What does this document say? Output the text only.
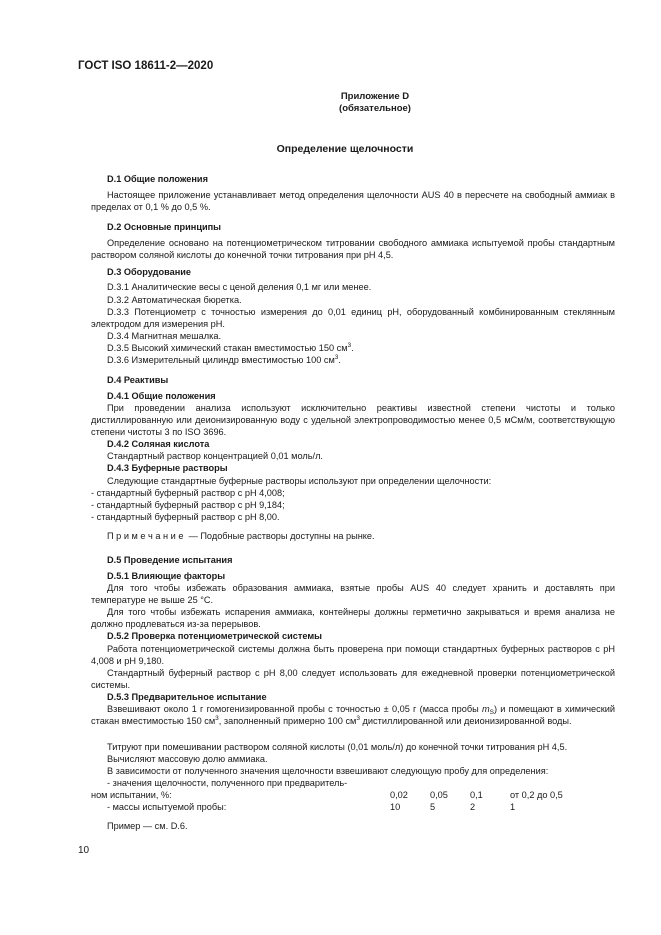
ГОСТ ISO 18611-2—2020
Приложение D
(обязательное)
Определение щелочности
D.1 Общие положения
Настоящее приложение устанавливает метод определения щелочности AUS 40 в пересчете на свободный аммиак в пределах от 0,1 % до 0,5 %.
D.2 Основные принципы
Определение основано на потенциометрическом титровании свободного аммиака испытуемой пробы стандартным раствором соляной кислоты до конечной точки титрования при pH 4,5.
D.3 Оборудование
D.3.1 Аналитические весы с ценой деления 0,1 мг или менее.
D.3.2 Автоматическая бюретка.
D.3.3 Потенциометр с точностью измерения до 0,01 единиц pH, оборудованный комбинированным стеклянным электродом для измерения pH.
D.3.4 Магнитная мешалка.
D.3.5 Высокий химический стакан вместимостью 150 $см^3$.
D.3.6 Измерительный цилиндр вместимостью 100 $см^3$.
D.4 Реактивы
D.4.1 Общие положения
При проведении анализа используют исключительно реактивы известной степени чистоты и только дистиллированную или деионизированную воду с удельной электропроводимостью менее 0,5 мСм/м, соответствующую степени чистоты 3 по ISO 3696.
D.4.2 Соляная кислота
Стандартный раствор концентрацией 0,01 моль/л.
D.4.3 Буферные растворы
Следующие стандартные буферные растворы используют при определении щелочности:
- стандартный буферный раствор с pH 4,008;
- стандартный буферный раствор с pH 9,184;
- стандартный буферный раствор с pH 8,00.
П р и м е ч а н и е — Подобные растворы доступны на рынке.
D.5 Проведение испытания
D.5.1 Влияющие факторы
Для того чтобы избежать образования аммиака, взятые пробы AUS 40 следует хранить и доставлять при температуре не выше 25 °С.
Для того чтобы избежать испарения аммиака, контейнеры должны герметично закрываться и время анализа не должно продлеваться из-за перерывов.
D.5.2 Проверка потенциометрической системы
Работа потенциометрической системы должна быть проверена при помощи стандартных буферных растворов с pH 4,008 и pH 9,180.
Стандартный буферный раствор с pH 8,00 следует использовать для ежедневной проверки потенциометрической системы.
D.5.3 Предварительное испытание
Взвешивают около 1 г гомогенизированной пробы с точностью ± 0,05 г (масса пробы $m_S$) и помещают в химический стакан вместимостью 150 $см^3$, заполненный примерно 100 $см^3$ дистиллированной или деионизированной воды.
Титруют при помешивании раствором соляной кислоты (0,01 моль/л) до конечной точки титрования pH 4,5.
Вычисляют массовую долю аммиака.
В зависимости от полученного значения щелочности взвешивают следующую пробу для определения:
- значения щелочности, полученного при предваритель-
ном испытании, %:	0,02 0,05 0,1	от 0,2 до 0,5
- массы испытуемой пробы:	10	5	2	1
Пример — см. D.6.
10
